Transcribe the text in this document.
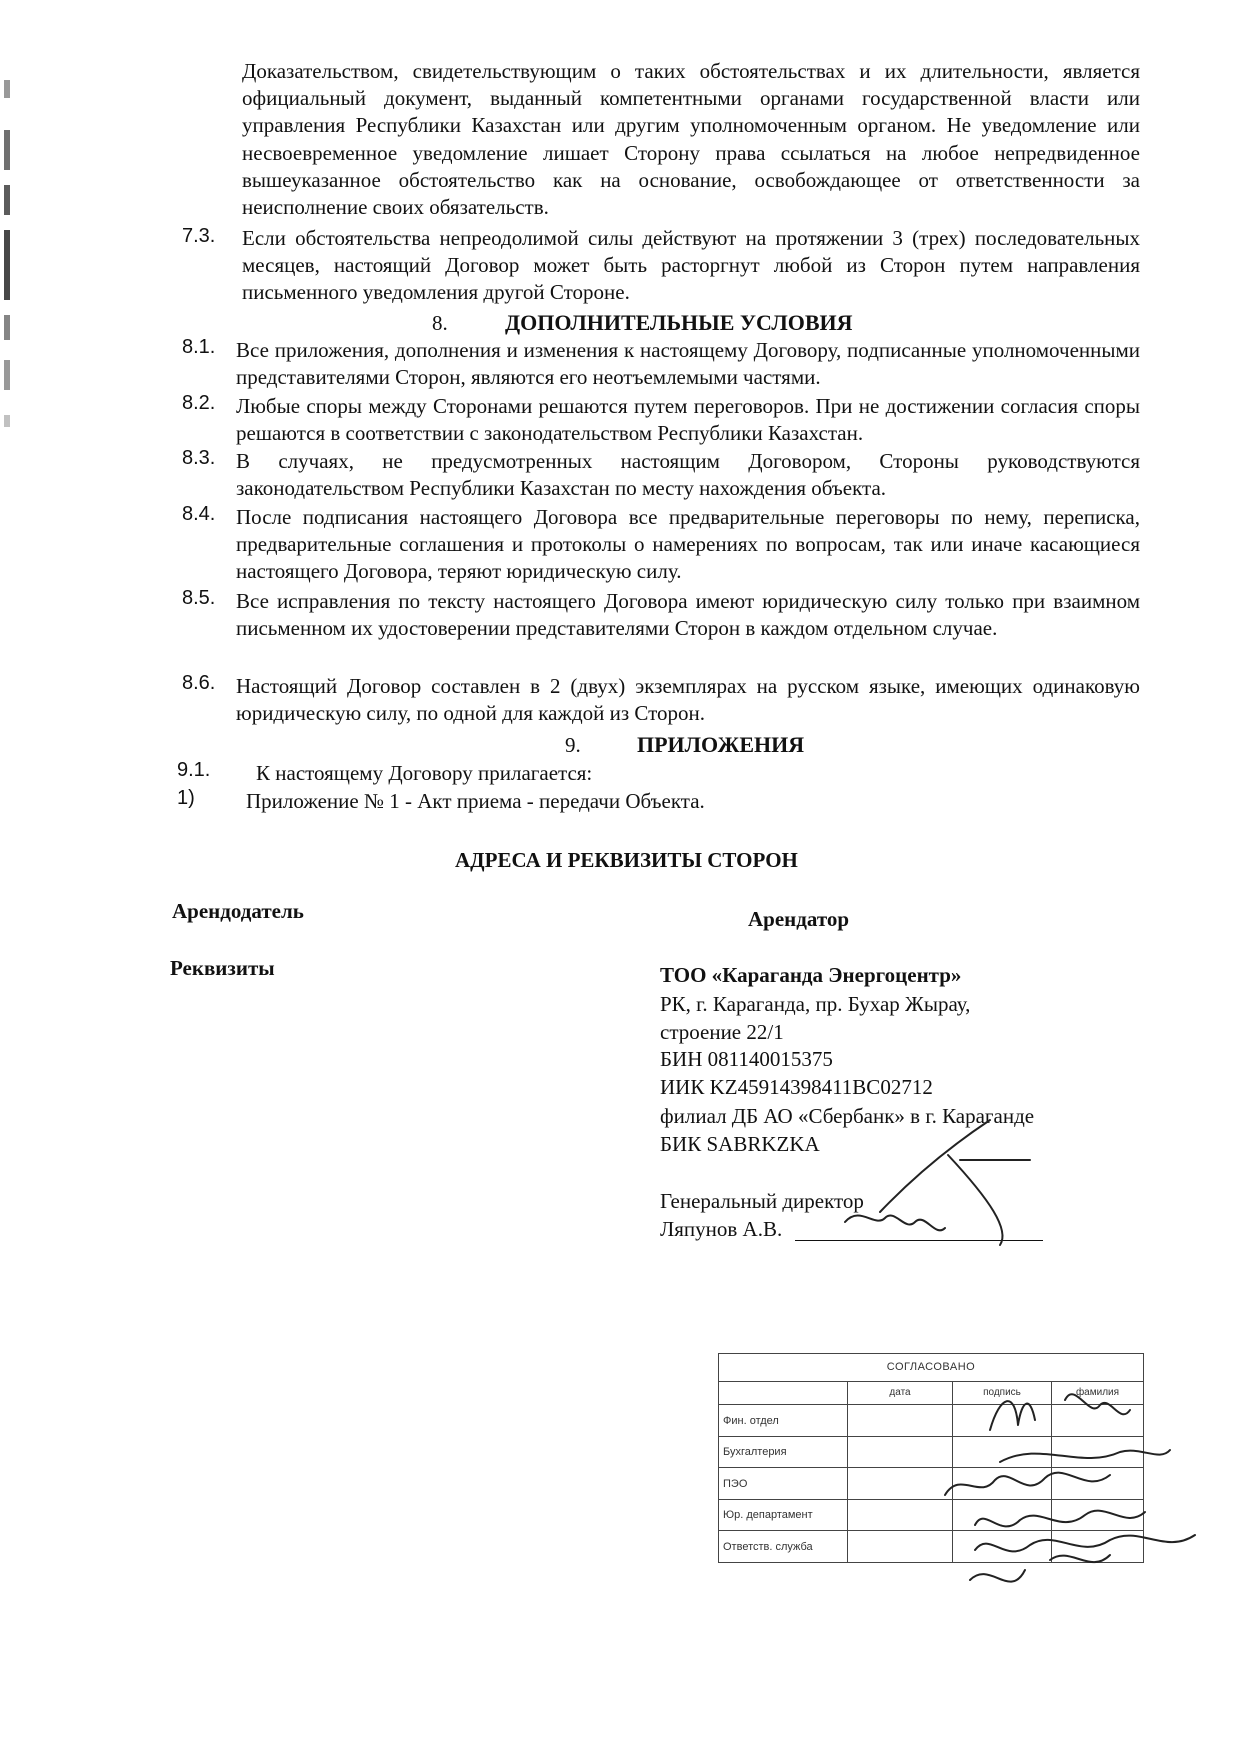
Доказательством, свидетельствующим о таких обстоятельствах и их длительности, является официальный документ, выданный компетентными органами государственной власти или управления Республики Казахстан или другим уполномоченным органом. Не уведомление или несвоевременное уведомление лишает Сторону права ссылаться на любое непредвиденное вышеуказанное обстоятельство как на основание, освобождающее от ответственности за неисполнение своих обязательств.
7.3. Если обстоятельства непреодолимой силы действуют на протяжении 3 (трех) последовательных месяцев, настоящий Договор может быть расторгнут любой из Сторон путем направления письменного уведомления другой Стороне.
8.	ДОПОЛНИТЕЛЬНЫЕ УСЛОВИЯ
8.1. Все приложения, дополнения и изменения к настоящему Договору, подписанные уполномоченными представителями Сторон, являются его неотъемлемыми частями.
8.2. Любые споры между Сторонами решаются путем переговоров. При не достижении согласия споры решаются в соответствии с законодательством Республики Казахстан.
8.3. В случаях, не предусмотренных настоящим Договором, Стороны руководствуются законодательством Республики Казахстан по месту нахождения объекта.
8.4. После подписания настоящего Договора все предварительные переговоры по нему, переписка, предварительные соглашения и протоколы о намерениях по вопросам, так или иначе касающиеся настоящего Договора, теряют юридическую силу.
8.5. Все исправления по тексту настоящего Договора имеют юридическую силу только при взаимном письменном их удостоверении представителями Сторон в каждом отдельном случае.
8.6. Настоящий Договор составлен в 2 (двух) экземплярах на русском языке, имеющих одинаковую юридическую силу, по одной для каждой из Сторон.
9.	ПРИЛОЖЕНИЯ
9.1. К настоящему Договору прилагается:
1) Приложение № 1 - Акт приема - передачи Объекта.
АДРЕСА И РЕКВИЗИТЫ СТОРОН
Арендодатель	Арендатор
Реквизиты	ТОО «Караганда Энергоцентр»
РК, г. Караганда, пр. Бухар Жырау,
строение 22/1
БИН 081140015375
ИИК KZ45914398411BC02712
филиал ДБ АО «Сбербанк» в г. Караганде
БИК SABRKZKA
Генеральный директор
Ляпунов А.В.
СОГЛАСОВАНО			
	дата	подпись	фамилия
Фин. отдел			
Бухгалтерия			
ПЭО			
Юр. департамент			
Ответств. служба			
